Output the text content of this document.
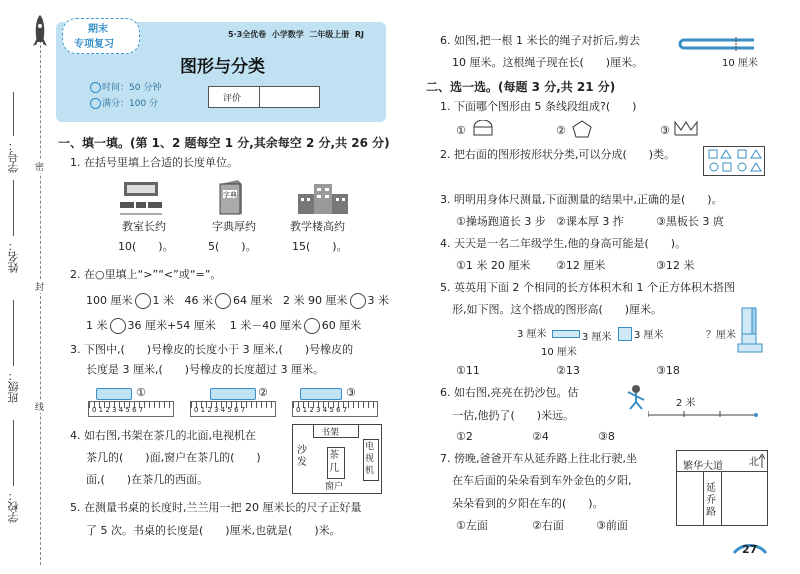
学号：
姓名：
班级：
学校：
密
封
线
期末
专项复习
5·3全优卷  小学数学  二年级上册  RJ
图形与分类
时间：50 分钟
满分：100 分	评价
一、填一填。(第 1、2 题每空 1 分,其余每空 2 分,共 26 分)
1. 在括号里填上合适的长度单位。
字典
教室长约	字典厚约	教学楼高约
10(　　)。	5(　　)。	15(　　)。
2. 在○里填上“>”“<”或“=”。
100 厘米 1 米 46 米 64 厘米 2 米 90 厘米 3 米
1 米 36 厘米+54 厘米 1 米－40 厘米 60 厘米
3. 下图中,(　　)号橡皮的长度小于 3 厘米,(　　)号橡皮的
长度是 3 厘米,(　　)号橡皮的长度超过 3 厘米。
①
0 1 2 3 4 5 6 7
②
0 1 2 3 4 5 6 7
③
0 1 2 3 4 5 6 7
4. 如右图,书架在茶几的北面,电视机在
茶几的(　　)面,窗户在茶几的(　　)
面,(　　)在茶几的西面。
书架
沙发
茶几
电视机
窗户
5. 在测量书桌的长度时,兰兰用一把 20 厘米长的尺子正好量
了 5 次。书桌的长度是(　　)厘米,也就是(　　)米。
6. 如图,把一根 1 米长的绳子对折后,剪去
10 厘米。这根绳子现在长(　　)厘米。	10 厘米
二、选一选。(每题 3 分,共 21 分)
1. 下面哪个图形由 5 条线段组成?(　　)
①	②	③
2. 把右面的图形按形状分类,可以分成(　　)类。
3. 明明用身体尺测量,下面测量的结果中,正确的是(　　)。
①操场跑道长 3 步 ②课本厚 3 拃	③黑板长 3 庹
4. 天天是一名二年级学生,他的身高可能是(　　)。
①1 米 20 厘米 ②12 厘米	③12 米
5. 英英用下面 2 个相同的长方体积木和 1 个正方体积木搭图
形,如下图。这个搭成的图形高(　　)厘米。
3 厘米
10 厘米
3 厘米 3 厘米	？厘米
①11	②13	③18
6. 如右图,亮亮在扔沙包。估
一估,他扔了(　　)米远。
2 米
①2	②4	③8
7. 傍晚,爸爸开车从延乔路上往北行驶,坐
在车后面的朵朵看到车外金色的夕阳,
朵朵看到的夕阳在车的(　　)。
①左面	②右面	③前面
繁华大道
延乔路
北
27
